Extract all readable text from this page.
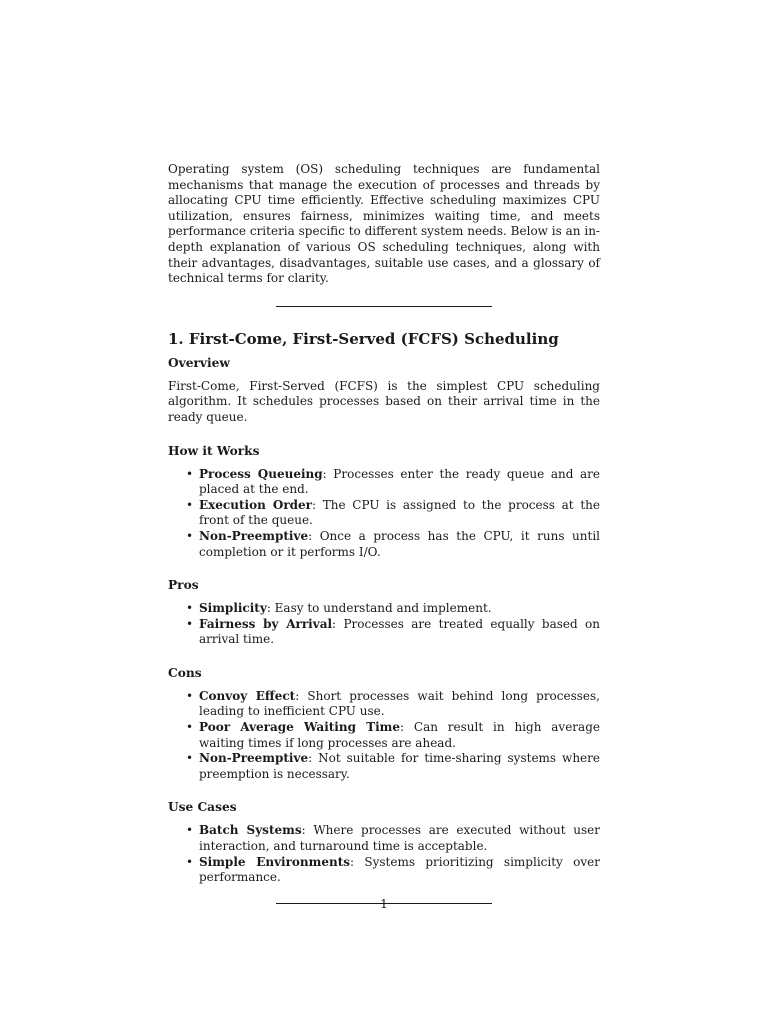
Operating system (OS) scheduling techniques are fundamental mechanisms that manage the execution of processes and threads by allocating CPU time efficiently. Effective scheduling maximizes CPU utilization, ensures fairness, minimizes waiting time, and meets performance criteria specific to different system needs. Below is an in-depth explanation of various OS scheduling techniques, along with their advantages, disadvantages, suitable use cases, and a glossary of technical terms for clarity.

1. First-Come, First-Served (FCFS) Scheduling
Overview

First-Come, First-Served (FCFS) is the simplest CPU scheduling algorithm. It schedules processes based on their arrival time in the ready queue.

How it Works
• Process Queueing: Processes enter the ready queue and are placed at the end.
• Execution Order: The CPU is assigned to the process at the front of the queue.
• Non-Preemptive: Once a process has the CPU, it runs until completion or it performs I/O.
Pros
• Simplicity: Easy to understand and implement.
• Fairness by Arrival: Processes are treated equally based on arrival time.
Cons
• Convoy Effect: Short processes wait behind long processes, leading to inefficient CPU use.
• Poor Average Waiting Time: Can result in high average waiting times if long processes are ahead.
• Non-Preemptive: Not suitable for time-sharing systems where preemption is necessary.
Use Cases
• Batch Systems: Where processes are executed without user interaction, and turnaround time is acceptable.
• Simple Environments: Systems prioritizing simplicity over performance.
1
